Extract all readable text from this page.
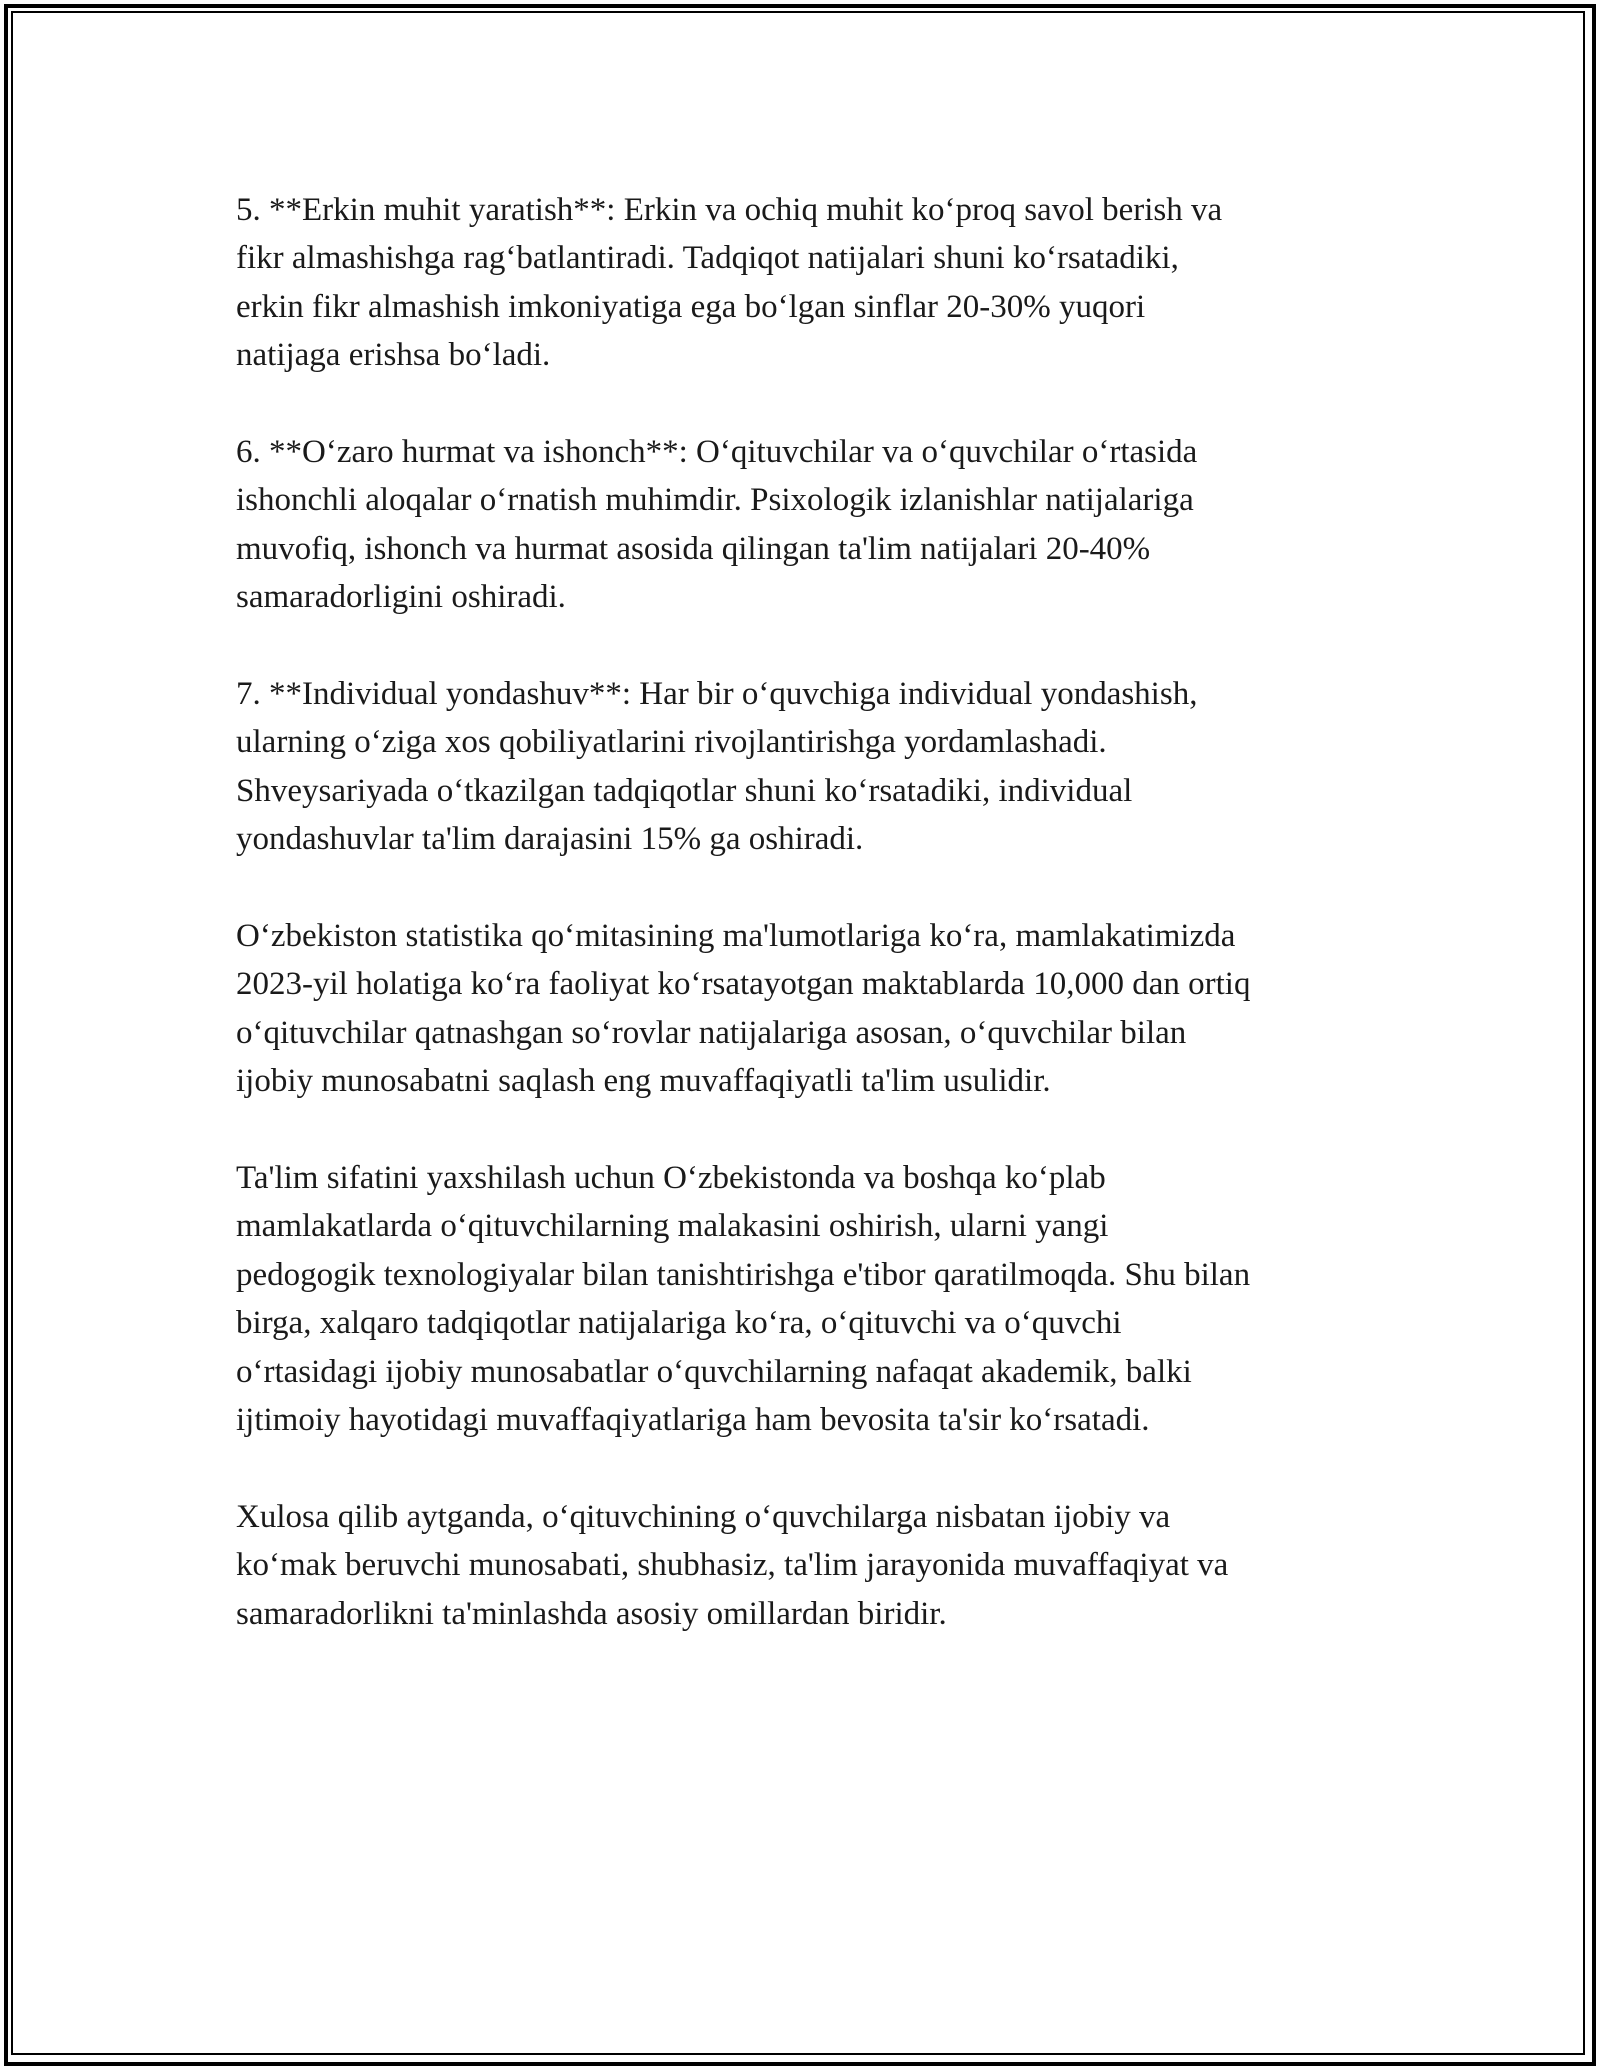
5. **Erkin muhit yaratish**: Erkin va ochiq muhit ko‘proq savol berish va
fikr almashishga rag‘batlantiradi. Tadqiqot natijalari shuni ko‘rsatadiki,
erkin fikr almashish imkoniyatiga ega bo‘lgan sinflar 20-30% yuqori
natijaga erishsa bo‘ladi.

6. **O‘zaro hurmat va ishonch**: O‘qituvchilar va o‘quvchilar o‘rtasida
ishonchli aloqalar o‘rnatish muhimdir. Psixologik izlanishlar natijalariga
muvofiq, ishonch va hurmat asosida qilingan ta'lim natijalari 20-40%
samaradorligini oshiradi.

7. **Individual yondashuv**: Har bir o‘quvchiga individual yondashish,
ularning o‘ziga xos qobiliyatlarini rivojlantirishga yordamlashadi.
Shveysariyada o‘tkazilgan tadqiqotlar shuni ko‘rsatadiki, individual
yondashuvlar ta'lim darajasini 15% ga oshiradi.

O‘zbekiston statistika qo‘mitasining ma'lumotlariga ko‘ra, mamlakatimizda
2023-yil holatiga ko‘ra faoliyat ko‘rsatayotgan maktablarda 10,000 dan ortiq
o‘qituvchilar qatnashgan so‘rovlar natijalariga asosan, o‘quvchilar bilan
ijobiy munosabatni saqlash eng muvaffaqiyatli ta'lim usulidir.

Ta'lim sifatini yaxshilash uchun O‘zbekistonda va boshqa ko‘plab
mamlakatlarda o‘qituvchilarning malakasini oshirish, ularni yangi
pedogogik texnologiyalar bilan tanishtirishga e'tibor qaratilmoqda. Shu bilan
birga, xalqaro tadqiqotlar natijalariga ko‘ra, o‘qituvchi va o‘quvchi
o‘rtasidagi ijobiy munosabatlar o‘quvchilarning nafaqat akademik, balki
ijtimoiy hayotidagi muvaffaqiyatlariga ham bevosita ta'sir ko‘rsatadi.

Xulosa qilib aytganda, o‘qituvchining o‘quvchilarga nisbatan ijobiy va
ko‘mak beruvchi munosabati, shubhasiz, ta'lim jarayonida muvaffaqiyat va
samaradorlikni ta'minlashda asosiy omillardan biridir.
